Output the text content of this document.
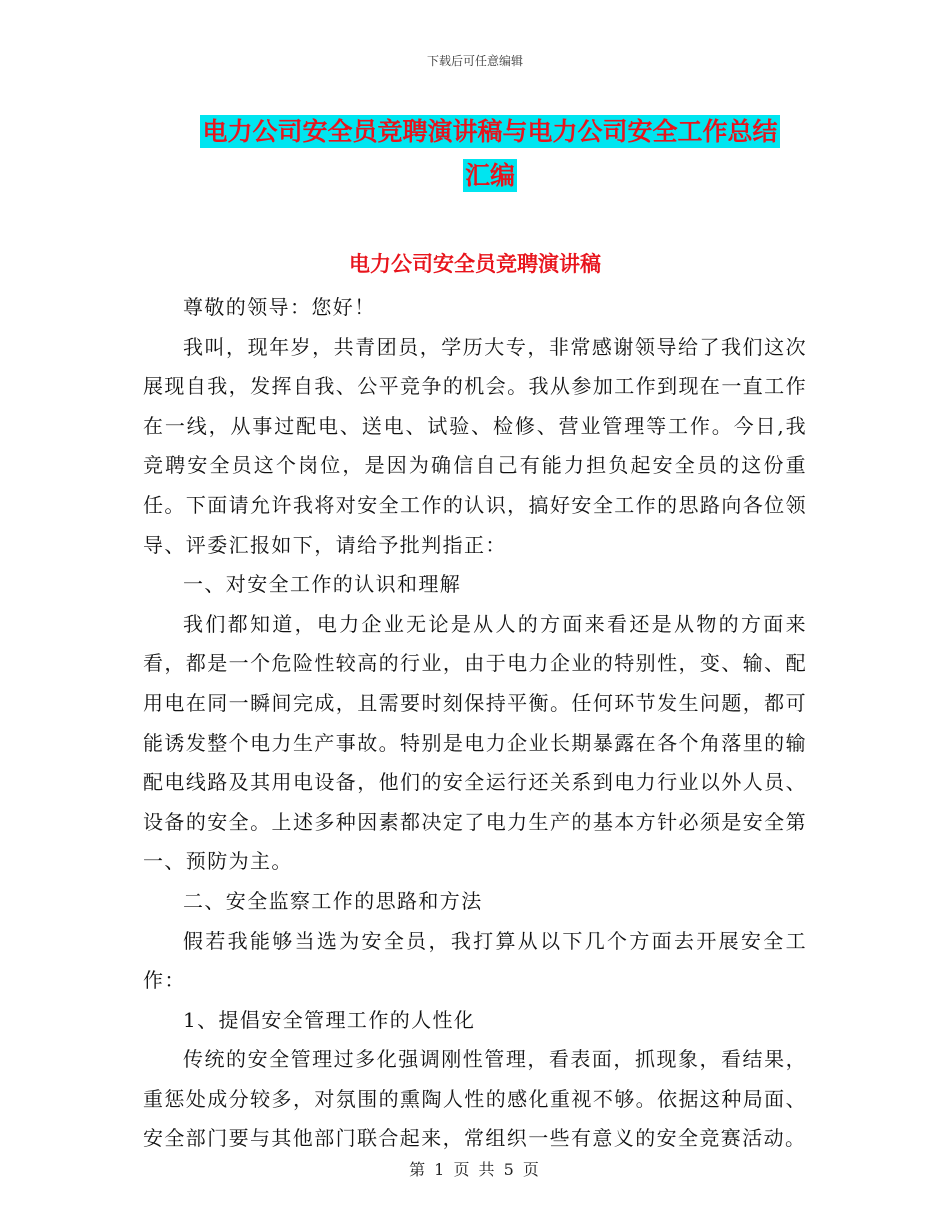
下载后可任意编辑
电力公司安全员竞聘演讲稿与电力公司安全工作总结
汇编
电力公司安全员竞聘演讲稿

尊敬的领导：您好！

我叫，现年岁，共青团员，学历大专，非常感谢领导给了我们这次展现自我，发挥自我、公平竞争的机会。我从参加工作到现在一直工作在一线，从事过配电、送电、试验、检修、营业管理等工作。今日,我竞聘安全员这个岗位，是因为确信自己有能力担负起安全员的这份重任。下面请允许我将对安全工作的认识，搞好安全工作的思路向各位领导、评委汇报如下，请给予批判指正：

一、对安全工作的认识和理解

我们都知道，电力企业无论是从人的方面来看还是从物的方面来看，都是一个危险性较高的行业，由于电力企业的特别性，变、输、配用电在同一瞬间完成，且需要时刻保持平衡。任何环节发生问题，都可能诱发整个电力生产事故。特别是电力企业长期暴露在各个角落里的输配电线路及其用电设备，他们的安全运行还关系到电力行业以外人员、设备的安全。上述多种因素都决定了电力生产的基本方针必须是安全第一、预防为主。

二、安全监察工作的思路和方法

假若我能够当选为安全员，我打算从以下几个方面去开展安全工作：

1、提倡安全管理工作的人性化

传统的安全管理过多化强调刚性管理，看表面，抓现象，看结果，重惩处成分较多，对氛围的熏陶人性的感化重视不够。依据这种局面、安全部门要与其他部门联合起来，常组织一些有意义的安全竞赛活动。

第 1 页 共 5 页
